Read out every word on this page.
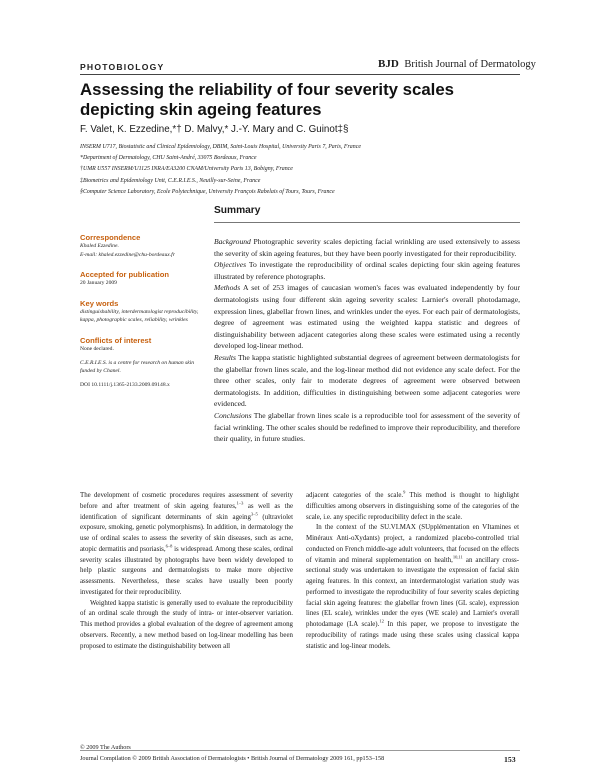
PHOTOBIOLOGY	BJD British Journal of Dermatology
Assessing the reliability of four severity scales depicting skin ageing features
F. Valet, K. Ezzedine,*† D. Malvy,* J.-Y. Mary and C. Guinot‡§
INSERM U717, Biostatistic and Clinical Epidemiology, DBIM, Saint-Louis Hospital, University Paris 7, Paris, France
*Department of Dermatology, CHU Saint-André, 33075 Bordeaux, France
†UMR U557 INSERM/U1125 INRA/EA3200 CNAM/University Paris 13, Bobigny, France
‡Biometrics and Epidemiology Unit, C.E.R.I.E.S., Neuilly-sur-Seine, France
§Computer Science Laboratory, Ecole Polytechnique, University François Rabelais of Tours, Tours, France
Summary
Correspondence
Khaled Ezzedine.
E-mail: khaled.ezzedine@chu-bordeaux.fr
Accepted for publication
20 January 2009
Key words
distinguishability, interdermatologist reproducibility, kappa, photographic scales, reliability, wrinkles
Conflicts of interest
None declared.
C.E.R.I.E.S. is a centre for research on human skin funded by Chanel.
DOI 10.1111/j.1365-2133.2009.09148.x

Background Photographic severity scales depicting facial wrinkling are used extensively to assess the severity of skin ageing features, but they have been poorly investigated for their reproducibility.

Objectives To investigate the reproducibility of ordinal scales depicting four skin ageing features illustrated by reference photographs.

Methods A set of 253 images of caucasian women's faces was evaluated independently by four dermatologists using four different skin ageing severity scales: Larnier's overall photodamage, expression lines, glabellar frown lines, and wrinkles under the eyes. For each pair of dermatologists, degree of agreement was estimated using the weighted kappa statistic and degrees of distinguishability between adjacent categories along these scales were estimated using a recently developed log-linear method.

Results The kappa statistic highlighted substantial degrees of agreement between dermatologists for the glabellar frown lines scale, and the log-linear method did not evidence any scale defect. For the three other scales, only fair to moderate degrees of agreement were observed between dermatologists. In addition, difficulties in distinguishing between some adjacent categories were evidenced.

Conclusions The glabellar frown lines scale is a reproducible tool for assessment of the severity of facial wrinkling. The other scales should be redefined to improve their reproducibility, and therefore their quality, in future studies.

The development of cosmetic procedures requires assessment of severity before and after treatment of skin ageing features,$^{1-3}$ as well as the identification of significant determinants of skin ageing$^{3-5}$ (ultraviolet exposure, smoking, genetic polymorphisms). In addition, in dermatology the use of ordinal scales to assess the severity of skin diseases, such as acne, atopic dermatitis and psoriasis,$^{6-8}$ is widespread. Among these scales, ordinal severity scales illustrated by photographs have been widely developed to help plastic surgeons and dermatologists to make more objective assessments. Nevertheless, these scales have usually been poorly investigated for their reproducibility.

Weighted kappa statistic is generally used to evaluate the reproducibility of an ordinal scale through the study of intra- or inter-observer variation. This method provides a global evaluation of the degree of agreement among observers. Recently, a new method based on log-linear modelling has been proposed to estimate the distinguishability between all

adjacent categories of the scale.$^9$ This method is thought to highlight difficulties among observers in distinguishing some of the categories of the scale, i.e. any specific reproducibility defect in the scale.

In the context of the SU.VI.MAX (SUpplémentation en VItamines et Minéraux Anti-oXydants) project, a randomized placebo-controlled trial conducted on French middle-age adult volunteers, that focused on the effects of vitamin and mineral supplementation on health,$^{10,11}$ an ancillary cross-sectional study was undertaken to investigate the expression of facial skin ageing features. In this context, an interdermatologist variation study was performed to investigate the reproducibility of four severity scales depicting facial skin ageing features: the glabellar frown lines (GL scale), expression lines (EL scale), wrinkles under the eyes (WE scale) and Larnier's overall photodamage (LA scale).$^{12}$ In this paper, we propose to investigate the reproducibility of ratings made using these scales using classical kappa statistic and log-linear models.

© 2009 The Authors
Journal Compilation © 2009 British Association of Dermatologists • British Journal of Dermatology 2009 161, pp153–158	153
